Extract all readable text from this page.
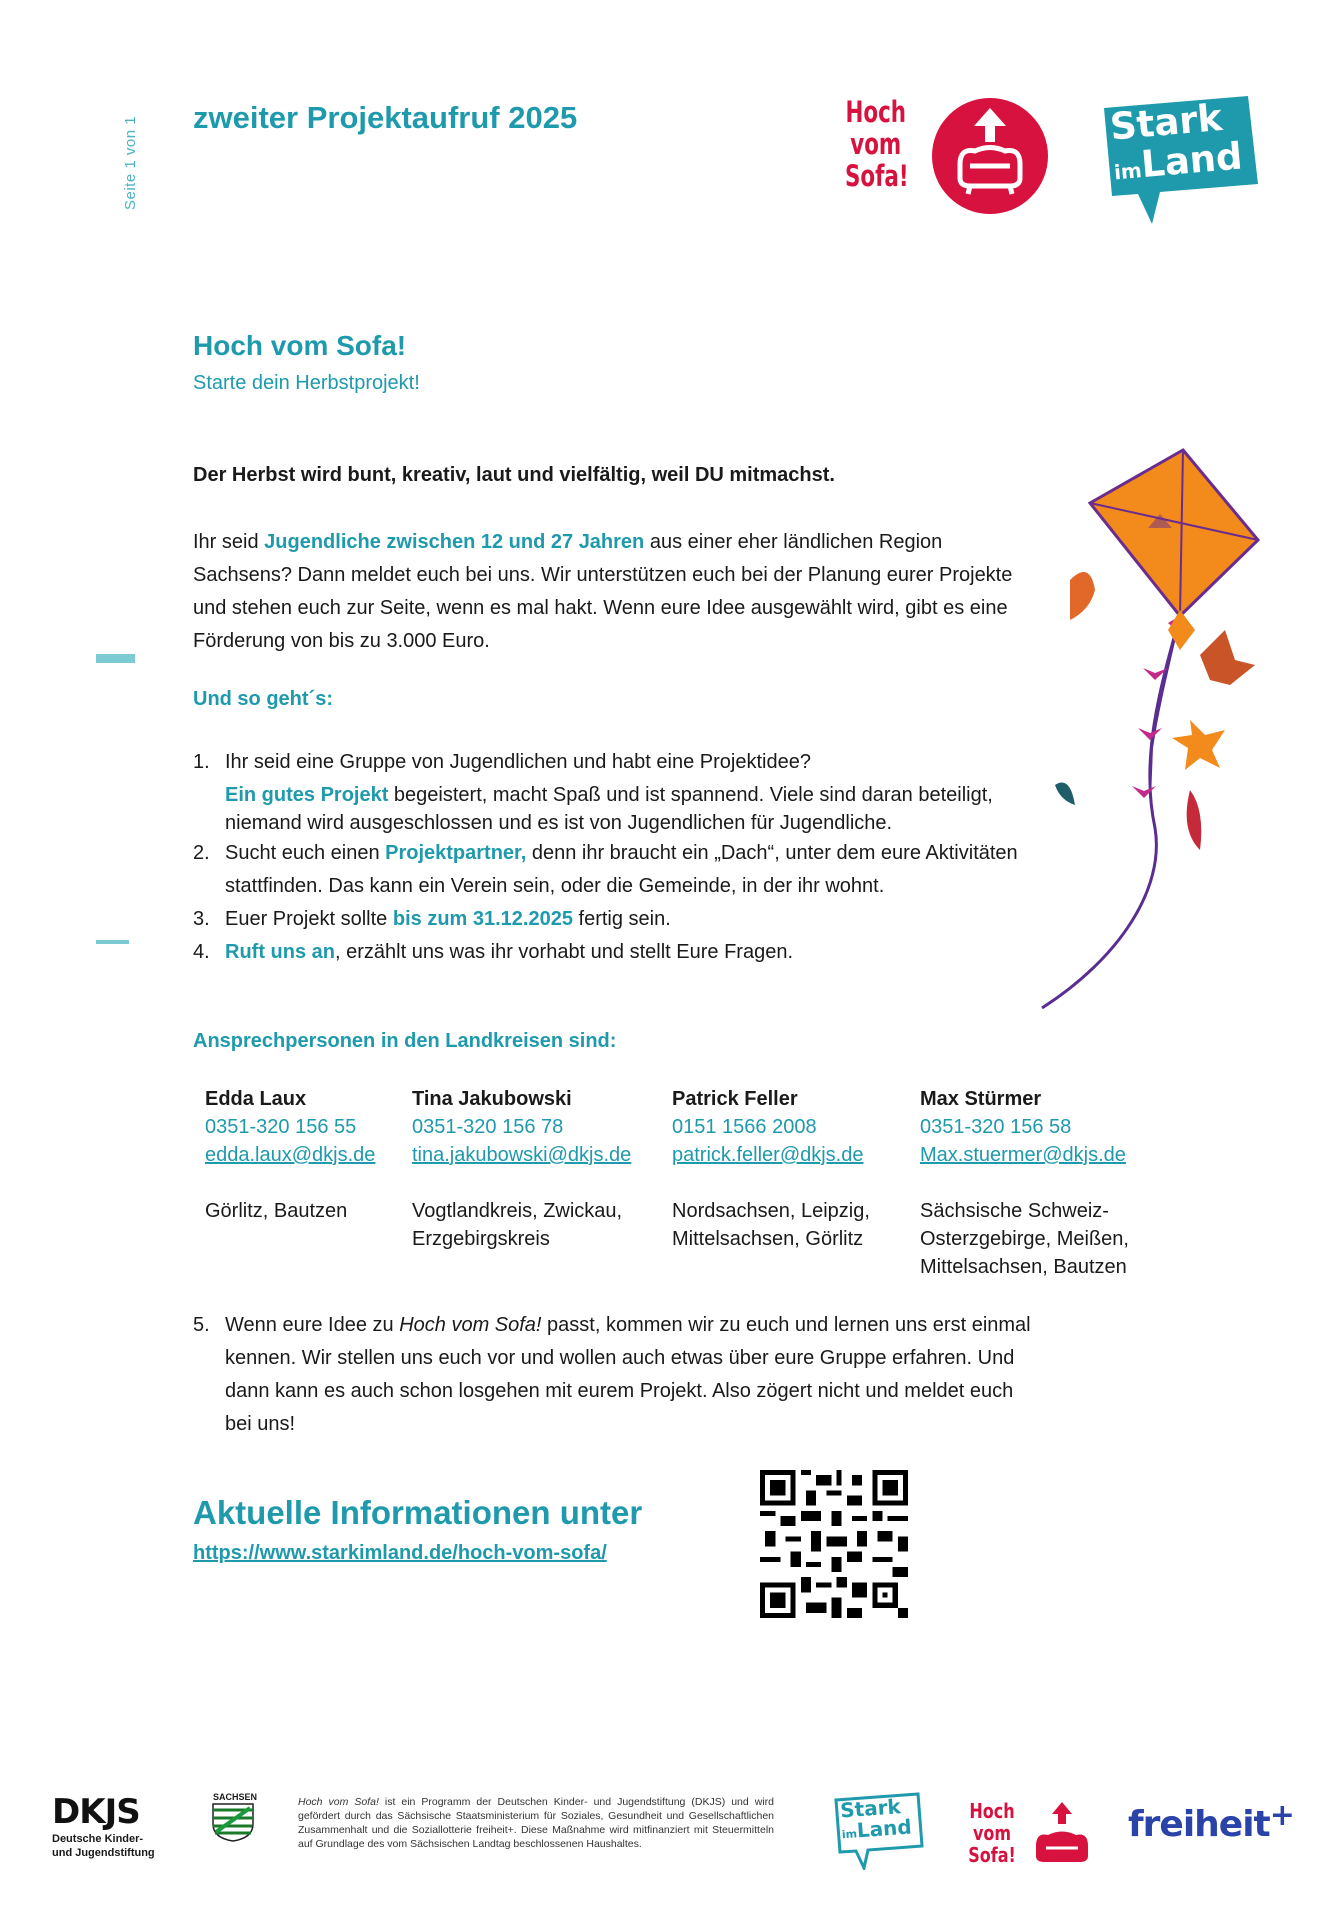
Seite 1 von 1 zweiter Projektaufruf 2025	Hoch
vom
Sofa!
Stark
imLand
Hoch vom Sofa!
Starte dein Herbstprojekt!
Der Herbst wird bunt, kreativ, laut und vielfältig, weil DU mitmachst.
Ihr seid Jugendliche zwischen 12 und 27 Jahren aus einer eher ländlichen Region Sachsens? Dann meldet euch bei uns. Wir unterstützen euch bei der Planung eurer Projekte und stehen euch zur Seite, wenn es mal hakt. Wenn eure Idee ausgewählt wird, gibt es eine Förderung von bis zu 3.000 Euro.
Und so geht´s:
1. Ihr seid eine Gruppe von Jugendlichen und habt eine Projektidee?
Ein gutes Projekt begeistert, macht Spaß und ist spannend. Viele sind daran beteiligt, niemand wird ausgeschlossen und es ist von Jugendlichen für Jugendliche.
2. Sucht euch einen Projektpartner, denn ihr braucht ein „Dach“, unter dem eure Aktivitäten stattfinden. Das kann ein Verein sein, oder die Gemeinde, in der ihr wohnt.
3. Euer Projekt sollte bis zum 31.12.2025 fertig sein.
4. Ruft uns an, erzählt uns was ihr vorhabt und stellt Eure Fragen.
Ansprechpersonen in den Landkreisen sind:
Edda Laux
0351-320 156 55
edda.laux@dkjs.de
Görlitz, Bautzen
Tina Jakubowski
0351-320 156 78
tina.jakubowski@dkjs.de
Vogtlandkreis, Zwickau,
Erzgebirgskreis
Patrick Feller
0151 1566 2008
patrick.feller@dkjs.de
Nordsachsen, Leipzig,
Mittelsachsen, Görlitz
Max Stürmer
0351-320 156 58
Max.stuermer@dkjs.de
Sächsische Schweiz-
Osterzgebirge, Meißen,
Mittelsachsen, Bautzen
5. Wenn eure Idee zu Hoch vom Sofa! passt, kommen wir zu euch und lernen uns erst einmal kennen. Wir stellen uns euch vor und wollen auch etwas über eure Gruppe erfahren. Und dann kann es auch schon losgehen mit eurem Projekt. Also zögert nicht und meldet euch bei uns!
Aktuelle Informationen unter
https://www.starkimland.de/hoch-vom-sofa/
DKJS
Deutsche Kinder-
und Jugendstiftung
SACHSEN	Hoch vom Sofa! ist ein Programm der Deutschen Kinder- und Jugendstiftung (DKJS) und wird gefördert durch das Sächsische Staatsministerium für Soziales, Gesundheit und Gesellschaftlichen Zusammenhalt und die Soziallotterie freiheit+. Diese Maßnahme wird mitfinanziert mit Steuermitteln auf Grundlage des vom Sächsischen Landtag beschlossenen Haushaltes.
Stark
imLand
Hoch
vom
Sofa!
freiheit+
